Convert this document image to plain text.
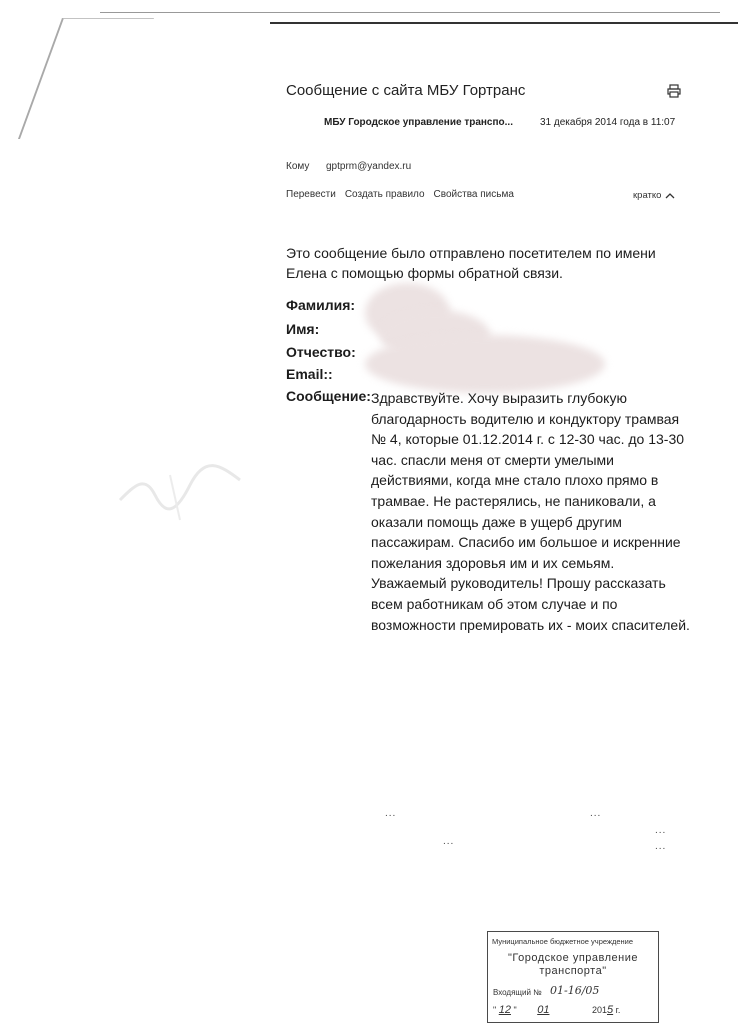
Сообщение с сайта МБУ Гортранс
МБУ Городское управление транспо...	31 декабря 2014 года в 11:07
Кому gptprm@yandex.ru
Перевести Создать правило Свойства письма	кратко
Это сообщение было отправлено посетителем по имени Елена с помощью формы обратной связи.
Фамилия:
Имя:
Отчество:
Email::
Сообщение: Здравствуйте. Хочу выразить глубокую благодарность водителю и кондуктору трамвая № 4, которые 01.12.2014 г. с 12-30 час. до 13-30 час. спасли меня от смерти умелыми действиями, когда мне стало плохо прямо в трамвае. Не растерялись, не паниковали, а оказали помощь даже в ущерб другим пассажирам. Спасибо им большое и искренние пожелания здоровья им и их семьям. Уважаемый руководитель! Прошу рассказать всем работникам об этом случае и по возможности премировать их - моих спасителей.
...	...
...
...	...
Муниципальное бюджетное учреждение
"Городское управление
транспорта"
Входящий № 01-16/05
" 12 " 01	2015 г.
